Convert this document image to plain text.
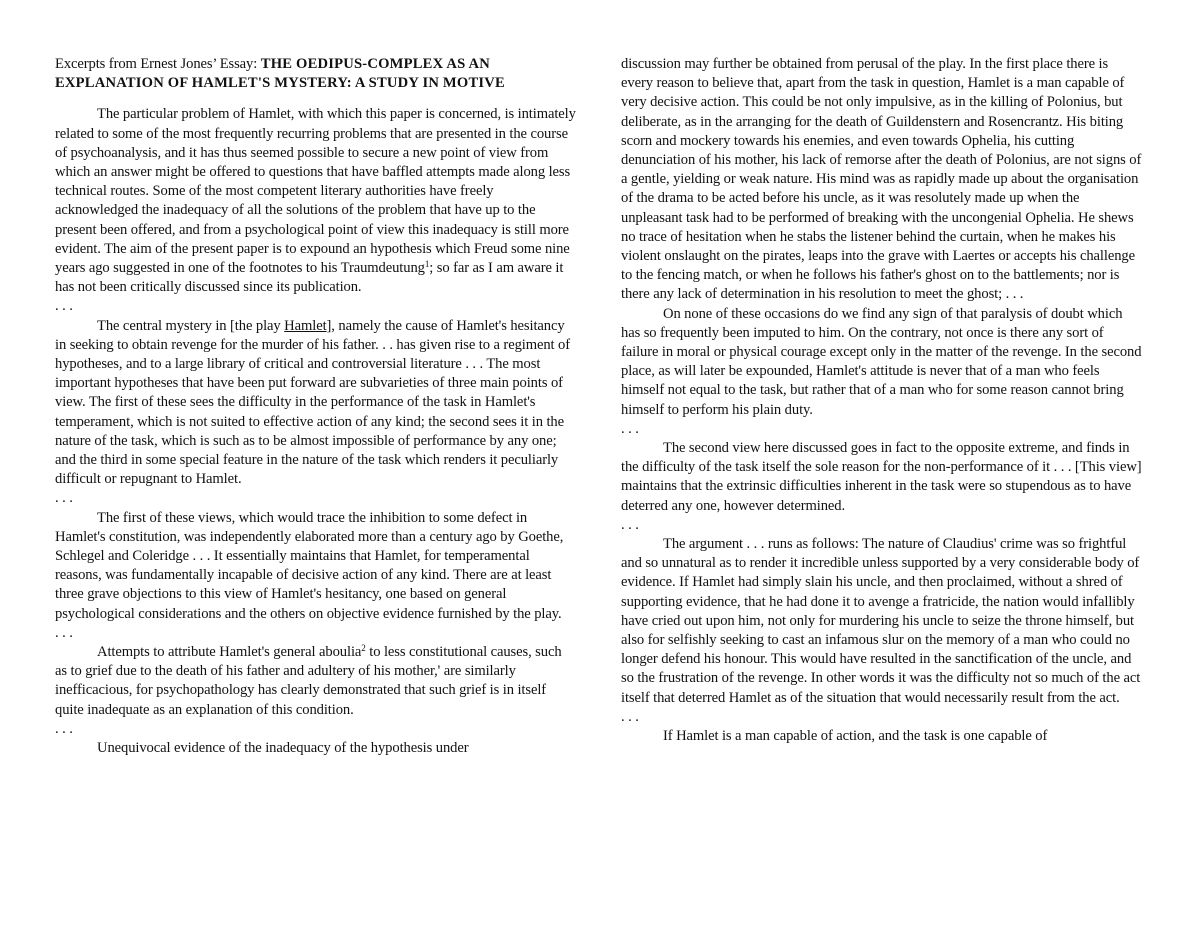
Excerpts from Ernest Jones’ Essay: THE OEDIPUS-COMPLEX AS AN
EXPLANATION OF HAMLET'S MYSTERY: A STUDY IN MOTIVE

The particular problem of Hamlet, with which this paper is concerned, is intimately related to some of the most frequently recurring problems that are presented in the course of psychoanalysis, and it has thus seemed possible to secure a new point of view from which an answer might be offered to questions that have baffled attempts made along less technical routes. Some of the most competent literary authorities have freely acknowledged the inadequacy of all the solutions of the problem that have up to the present been offered, and from a psychological point of view this inadequacy is still more evident. The aim of the present paper is to expound an hypothesis which Freud some nine years ago suggested in one of the footnotes to his Traumdeutung$^1$; so far as I am aware it has not been critically discussed since its publication.

. . .

The central mystery in [the play Hamlet], namely the cause of Hamlet's hesitancy in seeking to obtain revenge for the murder of his father. . . has given rise to a regiment of hypotheses, and to a large library of critical and controversial literature . . . The most important hypotheses that have been put forward are subvarieties of three main points of view. The first of these sees the difficulty in the performance of the task in Hamlet's temperament, which is not suited to effective action of any kind; the second sees it in the nature of the task, which is such as to be almost impossible of performance by any one; and the third in some special feature in the nature of the task which renders it peculiarly difficult or repugnant to Hamlet.

. . .

The first of these views, which would trace the inhibition to some defect in Hamlet's constitution, was independently elaborated more than a century ago by Goethe, Schlegel and Coleridge . . . It essentially maintains that Hamlet, for temperamental reasons, was fundamentally incapable of decisive action of any kind. There are at least three grave objections to this view of Hamlet's hesitancy, one based on general psychological considerations and the others on objective evidence furnished by the play.

. . .

Attempts to attribute Hamlet's general aboulia$^2$ to less constitutional causes, such as to grief due to the death of his father and adultery of his mother,' are similarly inefficacious, for psychopathology has clearly demonstrated that such grief is in itself quite inadequate as an explanation of this condition.

. . .

Unequivocal evidence of the inadequacy of the hypothesis under

discussion may further be obtained from perusal of the play. In the first place there is every reason to believe that, apart from the task in question, Hamlet is a man capable of very decisive action. This could be not only impulsive, as in the killing of Polonius, but deliberate, as in the arranging for the death of Guildenstern and Rosencrantz. His biting scorn and mockery towards his enemies, and even towards Ophelia, his cutting denunciation of his mother, his lack of remorse after the death of Polonius, are not signs of a gentle, yielding or weak nature. His mind was as rapidly made up about the organisation of the drama to be acted before his uncle, as it was resolutely made up when the unpleasant task had to be performed of breaking with the uncongenial Ophelia. He shews no trace of hesitation when he stabs the listener behind the curtain, when he makes his violent onslaught on the pirates, leaps into the grave with Laertes or accepts his challenge to the fencing match, or when he follows his father's ghost on to the battlements; nor is there any lack of determination in his resolution to meet the ghost; . . .

On none of these occasions do we find any sign of that paralysis of doubt which has so frequently been imputed to him. On the contrary, not once is there any sort of failure in moral or physical courage except only in the matter of the revenge. In the second place, as will later be expounded, Hamlet's attitude is never that of a man who feels himself not equal to the task, but rather that of a man who for some reason cannot bring himself to perform his plain duty.

. . .

The second view here discussed goes in fact to the opposite extreme, and finds in the difficulty of the task itself the sole reason for the non-performance of it . . . [This view] maintains that the extrinsic difficulties inherent in the task were so stupendous as to have deterred any one, however determined.

. . .

The argument . . . runs as follows: The nature of Claudius' crime was so frightful and so unnatural as to render it incredible unless supported by a very considerable body of evidence. If Hamlet had simply slain his uncle, and then proclaimed, without a shred of supporting evidence, that he had done it to avenge a fratricide, the nation would infallibly have cried out upon him, not only for murdering his uncle to seize the throne himself, but also for selfishly seeking to cast an infamous slur on the memory of a man who could no longer defend his honour. This would have resulted in the sanctification of the uncle, and so the frustration of the revenge. In other words it was the difficulty not so much of the act itself that deterred Hamlet as of the situation that would necessarily result from the act.

. . .

If Hamlet is a man capable of action, and the task is one capable of
